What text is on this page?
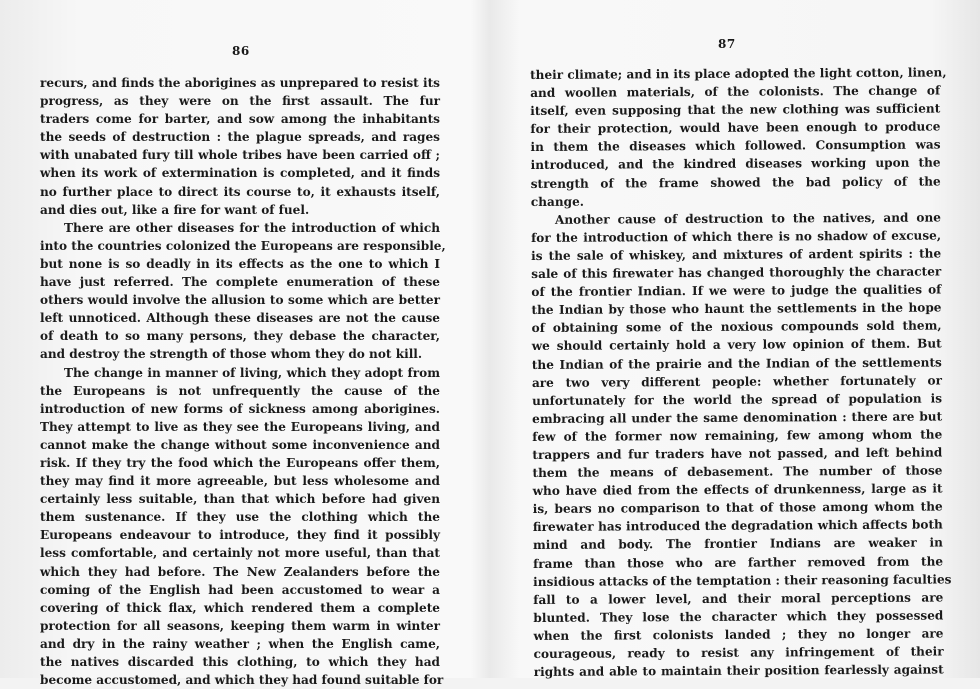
86
recurs, and finds the aborigines as unprepared to resist its
progress, as they were on the first assault. The fur
traders come for barter, and sow among the inhabitants
the seeds of destruction : the plague spreads, and rages
with unabated fury till whole tribes have been carried off ;
when its work of extermination is completed, and it finds
no further place to direct its course to, it exhausts itself,
and dies out, like a fire for want of fuel.
There are other diseases for the introduction of which
into the countries colonized the Europeans are responsible,
but none is so deadly in its effects as the one to which I
have just referred. The complete enumeration of these
others would involve the allusion to some which are better
left unnoticed. Although these diseases are not the cause
of death to so many persons, they debase the character,
and destroy the strength of those whom they do not kill.
The change in manner of living, which they adopt from
the Europeans is not unfrequently the cause of the
introduction of new forms of sickness among aborigines.
They attempt to live as they see the Europeans living, and
cannot make the change without some inconvenience and
risk. If they try the food which the Europeans offer them,
they may find it more agreeable, but less wholesome and
certainly less suitable, than that which before had given
them sustenance. If they use the clothing which the
Europeans endeavour to introduce, they find it possibly
less comfortable, and certainly not more useful, than that
which they had before. The New Zealanders before the
coming of the English had been accustomed to wear a
covering of thick flax, which rendered them a complete
protection for all seasons, keeping them warm in winter
and dry in the rainy weather ; when the English came,
the natives discarded this clothing, to which they had
become accustomed, and which they had found suitable for
87
their climate; and in its place adopted the light cotton, linen,
and woollen materials, of the colonists. The change of
itself, even supposing that the new clothing was sufficient
for their protection, would have been enough to produce
in them the diseases which followed. Consumption was
introduced, and the kindred diseases working upon the
strength of the frame showed the bad policy of the
change.
Another cause of destruction to the natives, and one
for the introduction of which there is no shadow of excuse,
is the sale of whiskey, and mixtures of ardent spirits : the
sale of this firewater has changed thoroughly the character
of the frontier Indian. If we were to judge the qualities of
the Indian by those who haunt the settlements in the hope
of obtaining some of the noxious compounds sold them,
we should certainly hold a very low opinion of them. But
the Indian of the prairie and the Indian of the settlements
are two very different people: whether fortunately or
unfortunately for the world the spread of population is
embracing all under the same denomination : there are but
few of the former now remaining, few among whom the
trappers and fur traders have not passed, and left behind
them the means of debasement. The number of those
who have died from the effects of drunkenness, large as it
is, bears no comparison to that of those among whom the
firewater has introduced the degradation which affects both
mind and body. The frontier Indians are weaker in
frame than those who are farther removed from the
insidious attacks of the temptation : their reasoning faculties
fall to a lower level, and their moral perceptions are
blunted. They lose the character which they possessed
when the first colonists landed ; they no longer are
courageous, ready to resist any infringement of their
rights and able to maintain their position fearlessly against
